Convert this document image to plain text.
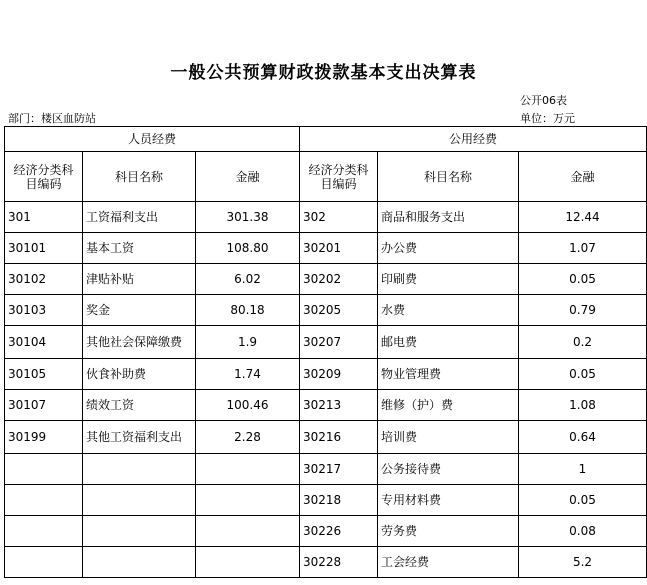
一般公共预算财政拨款基本支出决算表
公开06表
部门：楼区血防站	单位：万元
人员经费			公用经费		
经济分类科目编码	科目名称	金融	经济分类科目编码	科目名称	金融
301	工资福利支出	301.38	302	商品和服务支出	12.44
30101	基本工资	108.80	30201	办公费	1.07
30102	津贴补贴	6.02	30202	印刷费	0.05
30103	奖金	80.18	30205	水费	0.79
30104	其他社会保障缴费	1.9	30207	邮电费	0.2
30105	伙食补助费	1.74	30209	物业管理费	0.05
30107	绩效工资	100.46	30213	维修（护）费	1.08
30199	其他工资福利支出	2.28	30216	培训费	0.64
			30217	公务接待费	1
			30218	专用材料费	0.05
			30226	劳务费	0.08
			30228	工会经费	5.2
